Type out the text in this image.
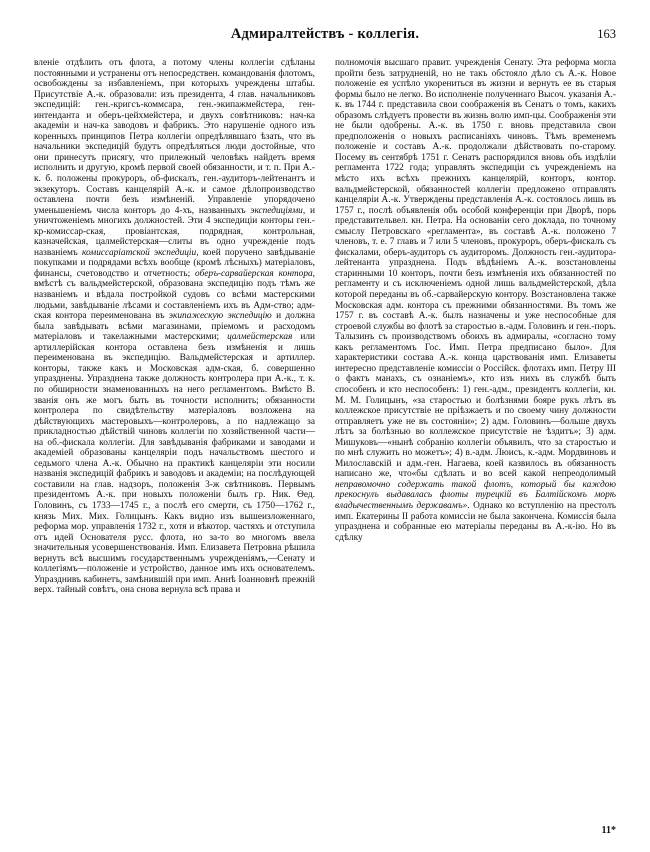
Адмиралтействъ - коллегія.	163

вленіе отдѣлить отъ флота, а потому члены коллегіи сдѣланы постоянными и устранены отъ непосредствен. командованія флотомъ, освобождены за избавленіемъ, при которыхъ учреждены штабы. Присутствіе А.-к. образовали: изъ президента, 4 глав. начальниковъ экспедицій: ген.-кригсъ-коммсара, ген.-экипажмейстера, ген-интенданта и оберъ-цейхмейстера, и двухъ совѣтниковъ: нач-ка академіи и нач-ка заводовъ и фабрикъ. Это нарушеніе одного изъ коренныхъ принципов Петра коллегіи опредѣлявшаго ѣзать, что въ начальники экспедицій будутъ опредѣляться люди достойные, что они принесутъ присягу, что прилежный человѣкъ найдетъ время исполнить и другую, кромѣ первой своей обязанности, и т. п. При А.-к. б. положены прокуроръ, об-фискалъ, ген.-аудиторъ-лейтенантъ и экзекуторъ. Составъ канцелярій А.-к. и самое дѣлопроизводство оставлена почти безъ измѣненій. Управленіе упорядочено уменьшеніемъ числа конторъ до 4-хъ, названныхъ экспедиціями, и уничтоженіемъ многихъ должностей. Эти 4 экспедиціи конторы ген.-кр-комиссар-ская, провіантская, подрядная, контрольная, казначейская, цалмейстерская—слиты въ одно учрежденіе подъ названіемъ комиссаріатской экспедиціи, коей поручено завѣдываніе покупками и подрядами всѣхъ вообще (кромѣ лѣсныхъ) матеріаловъ, финансы, счетоводство и отчетность; оберъ-сарвайерская контора, вмѣстѣ съ вальдмейстерской, образована экспедицію подъ тѣмъ же названіемъ и вѣдала постройкой судовъ со всѣми мастерскими людьми, завѣдываніе лѣсами и составленіемъ ихъ въ Адм-ство; адм-ская контора переименована въ экипажескую экспедицію и должна была завѣдывать всѣми магазинами, пріемомъ и расходомъ матеріаловъ и такелажными мастерскими; цалмейстерская или артиллерійская контора оставлена безъ измѣненія и лишь переименована въ экспедицію. Вальдмейстерская и артиллер. конторы, также какъ и Московская адм-ская, б. совершенно упразднены. Упразднена также должность контролера при А.-к., т. к. по обширности знаменованныхъ на него регламентомъ. Вмѣсто В. званія онъ же могъ быть въ точности исполнить; обязанности контролера по свидѣтельству матеріаловъ возложена на дѣйствующихъ мастеровыхъ—контролеровъ, а по надлежащо за прикладностью дѣйствій чиновъ коллегіи по хозяйственной части—на об.-фискала коллегіи. Для завѣдыванія фабриками и заводами и академіей образованы канцеляріи подъ начальствомъ шестого и седьмого члена А.-к. Обычно на практикѣ канцеляріи эти носили названія экспедицій фабрикъ и заводовъ и академіи; на послѣдующей составили на глав. надзоръ, положенія 3-ж свѣтниковъ. Первымъ президентомъ А.-к. при новыхъ положеніи былъ гр. Ник. Ѳед. Головинъ, съ 1733—1745 г., а послѣ его смерти, съ 1750—1762 г., князь Мих. Мих. Голицынъ. Какъ видно изъ вышеизложеннаго, реформа мор. управленія 1732 г., хотя и вѣкотор. частяхъ и отступила отъ идей Основателя русс. флота, но за-то во многомъ ввела значительныя усовершенствованія. Имп. Елизавета Петровна рѣшила вернуть всѣ высшимъ государственнымъ учрежденіямъ,—Сенату и коллегіямъ—положеніе и устройство, данное имъ ихъ основателемъ. Упразднивъ кабинетъ, замѣнившій при имп. Аннѣ Іоанновнѣ прежній верх. тайный совѣтъ, она снова вернула всѣ права и

полномочія высшаго правит. учрежденія Сенату. Эта реформа могла пройти безъ затрудненій, но не такъ обстояло дѣло съ А.-к. Новое положеніе ея успѣло укорениться въ жизни и вернуть ее въ старыя формы было не легко. Во исполненіе полученнаго Высоч. указанія А.-к. въ 1744 г. представила свои соображенія въ Сенатъ о томъ, какихъ образомъ слѣдуетъ провести въ жизнь волю имп-цы. Соображенія эти не были одобрены. А.-к. въ 1750 г. вновь представила свои предположенія о новыхъ расписаніяхъ чиновъ. Тѣмъ временемъ положеніе и составъ А.-к. продолжали дѣйствовать по-старому. Посему въ сентябрѣ 1751 г. Сенатъ распорядился вновь объ издѣліи регламента 1722 года; управлять экспедиціи съ учрежденіемъ на мѣсто ихъ всѣхъ прежнихъ канцелярій, конторъ, контор. вальдмейстерской, обязанностей коллегіи предложено отправлять канцеляріи А.-к. Утверждены представленія А.-к. состоялось лишь въ 1757 г., послѣ объявленія объ особой конференціи при Дворѣ, порь представительвел. кн. Петра. На основаніи сего доклада, по точному смыслу Петровскаго «регламента», въ составѣ А.-к. положено 7 членовъ, т. е. 7 главъ и 7 или 5 членовъ, прокуроръ, оберъ-фискалъ съ фискалами, оберъ-аудиторъ съ аудиторомъ. Должность ген.-аудитора-лейтенанта упразднена. Подъ вѣдѣніемъ А.-к. возстановлены старинными 10 конторъ, почти безъ измѣненія ихъ обязанностей по регламенту и съ исключеніемъ одной лишь вальдмейстерской, дѣла которой переданы въ об.-сарвайерскую контору. Возстановлена также Московская адм. контора съ прежними обязанностями. Въ томъ же 1757 г. въ составѣ А.-к. былъ назначены и уже неспособные для строевой службы во флотѣ за старостью в.-адм. Головинъ и ген.-поръ. Талызинъ съ производствомъ обоихъ въ адмиралы, «согласно тому какъ регламентомъ Гос. Имп. Петра предписано было». Для характеристики состава А.-к. конца царствованія имп. Елизаветы интересно представленіе комиссіи о Россійск. флотахъ имп. Петру III о фактъ манахъ, съ ознаніемъ», кто изъ нихъ въ службѣ быть способенъ и кто неспособенъ: 1) ген.-адм., президентъ коллегіи, кн. М. М. Голицынъ, «за старостью и болѣзнями бояре рукъ лѣтъ въ коллежское присутствіе не пріѣзжаетъ и по своему чину должности отправляетъ уже не въ состояніи»; 2) адм. Головинъ—больше двухъ лѣтъ за болѣзнью во коллежское присутствіе не ѣздитъ»; 3) адм. Мишуковъ—«нынѣ собранію коллегіи объявилъ, что за старостью и по мнѣ служить но можетъ»; 4) в.-адм. Люисъ, к.-адм. Мордвиновъ и Милославскій и адм.-ген. Нагаева, коей казвилось въ обязанность написано же, что«бы сдѣлать и во всей какой непреодолимый неправомочно содержать такой флотъ, который бы каждою прекоснулъ выдавалась флоты турецкій въ Балтійскомъ морѣ владычественнымъ державамъ». Однако ко вступленію на престолъ имп. Екатерины II работа комиссіи не была закончена. Комиссія была упразднена и собранные ею матеріалы переданы въ А.-к-ію. Но въ сдѣлку

11*
